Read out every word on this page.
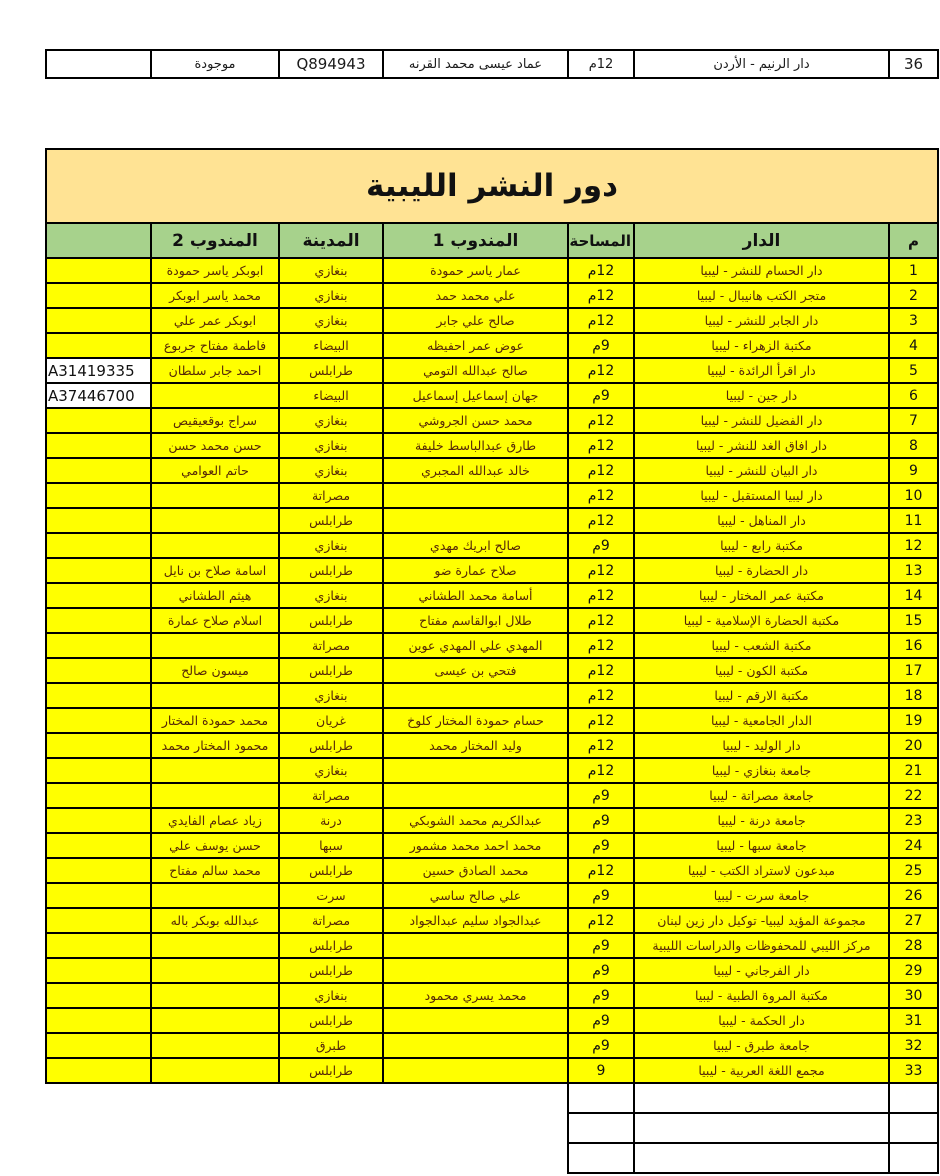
36	دار الرنيم - الأردن	12م	عماد عيسى محمد القرنه	Q894943	موجودة	
دور النشر الليبية
م	الدار	المساحة	المندوب 1	المدينة	المندوب 2	
1	دار الحسام للنشر - ليبيا	12م	عمار ياسر حمودة	بنغازي	ابوبكر ياسر حمودة	
2	متجر الكتب هانيبال - ليبيا	12م	علي محمد حمد	بنغازي	محمد ياسر ابوبكر	
3	دار الجابر للنشر - ليبيا	12م	صالح علي جابر	بنغازي	ابوبكر عمر علي	
4	مكتبة الزهراء - ليبيا	9م	عوض عمر احفيظه	البيضاء	فاطمة مفتاح جربوع	
5	دار اقرأ الرائدة - ليبيا	12م	صالح عبدالله التومي	طرابلس	احمد جابر سلطان	A31419335
6	دار جين - ليبيا	9م	جهان إسماعيل إسماعيل	البيضاء		A37446700
7	دار الفضيل للنشر - ليبيا	12م	محمد حسن الجروشي	بنغازي	سراج بوقعيقيص	
8	دار افاق الغد للنشر - ليبيا	12م	طارق عبدالباسط خليفة	بنغازي	حسن محمد حسن	
9	دار البيان للنشر - ليبيا	12م	خالد عبدالله المجبري	بنغازي	حاتم العوامي	
10	دار ليبيا المستقبل - ليبيا	12م		مصراتة		
11	دار المناهل - ليبيا	12م		طرابلس		
12	مكتبة رابع - ليبيا	9م	صالح ابريك مهدي	بنغازي		
13	دار الحضارة - ليبيا	12م	صلاح عمارة ضو	طرابلس	اسامة صلاح بن نايل	
14	مكتبة عمر المختار - ليبيا	12م	أسامة محمد الطشاني	بنغازي	هيثم الطشاني	
15	مكتبة الحضارة الإسلامية - ليبيا	12م	طلال ابوالقاسم مفتاح	طرابلس	اسلام صلاح عمارة	
16	مكتبة الشعب - ليبيا	12م	المهدي علي المهدي عوين	مصراتة		
17	مكتبة الكون - ليبيا	12م	فتحي بن عيسى	طرابلس	ميسون صالح	
18	مكتبة الارقم - ليبيا	12م		بنغازي		
19	الدار الجامعية - ليبيا	12م	حسام حمودة المختار كلوخ	غريان	محمد حمودة المختار	
20	دار الوليد - ليبيا	12م	وليد المختار محمد	طرابلس	محمود المختار محمد	
21	جامعة بنغازي - ليبيا	12م		بنغازي		
22	جامعة مصراتة - ليبيا	9م		مصراتة		
23	جامعة درنة - ليبيا	9م	عبدالكريم محمد الشوبكي	درنة	زياد عصام الفايدي	
24	جامعة سبها - ليبيا	9م	محمد احمد محمد مشمور	سبها	حسن يوسف علي	
25	مبدعون لاستراد الكتب - ليبيا	12م	محمد الصادق حسين	طرابلس	محمد سالم مفتاح	
26	جامعة سرت - ليبيا	9م	علي صالح ساسي	سرت		
27	مجموعة المؤيد ليبيا- توكيل دار زين لبنان	12م	عبدالجواد سليم عبدالجواد	مصراتة	عبدالله بوبكر باله	
28	مركز الليبي للمحفوظات والدراسات الليبية	9م		طرابلس		
29	دار الفرجاني - ليبيا	9م		طرابلس		
30	مكتبة المروة الطبية - ليبيا	9م	محمد يسري محمود	بنغازي		
31	دار الحكمة - ليبيا	9م		طرابلس		
32	جامعة طبرق - ليبيا	9م		طبرق		
33	مجمع اللغة العربية - ليبيا	9		طرابلس		
